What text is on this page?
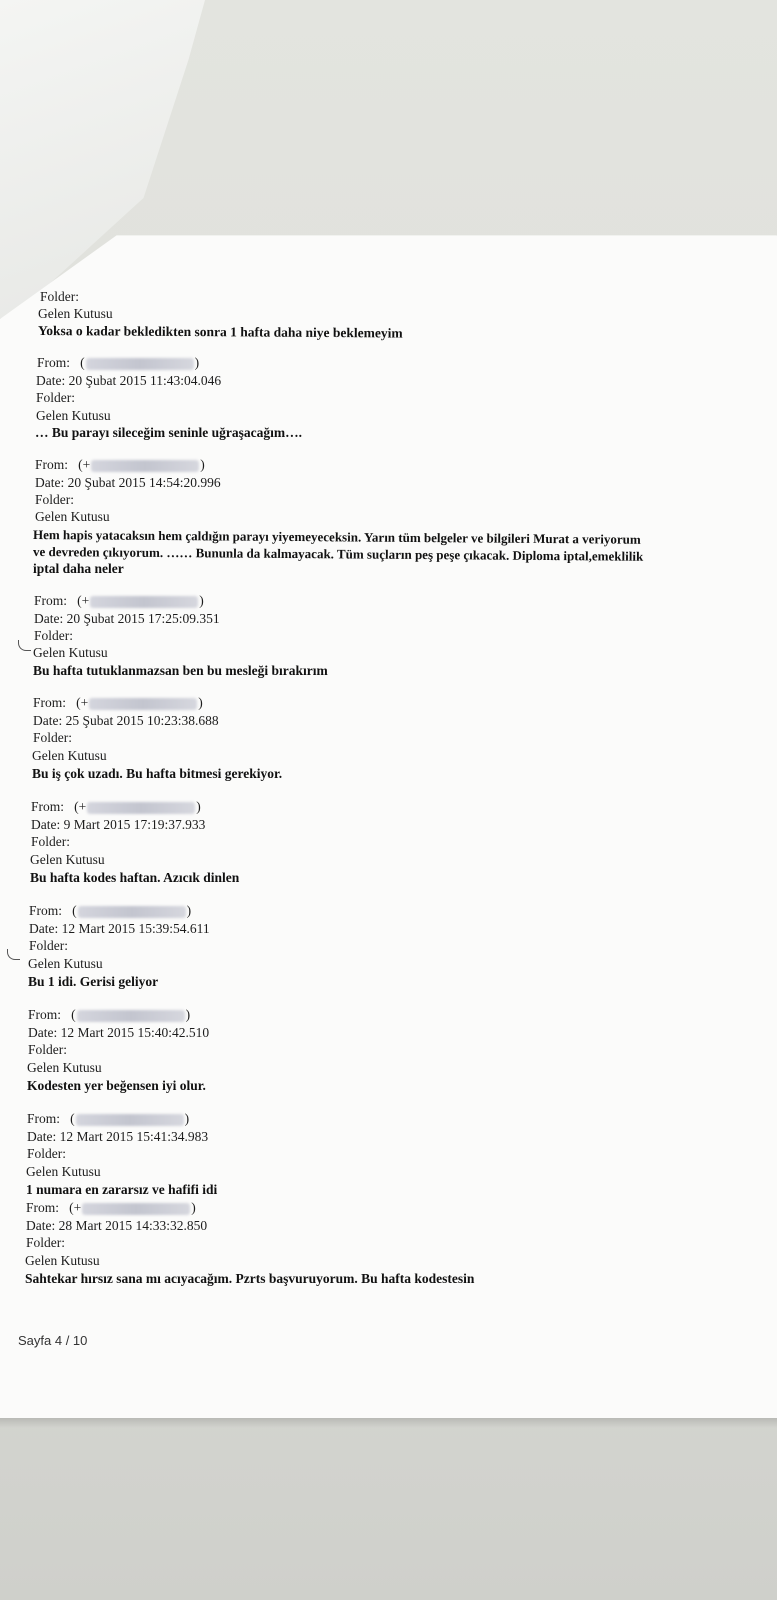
Folder:
Gelen Kutusu
Yoksa o kadar bekledikten sonra 1 hafta daha niye beklemeyim
From: (	)
Date: 20 Şubat 2015 11:43:04.046
Folder:
Gelen Kutusu
… Bu parayı sileceğim seninle uğraşacağım….
From: (+	)
Date: 20 Şubat 2015 14:54:20.996
Folder:
Gelen Kutusu
Hem hapis yatacaksın hem çaldığın parayı yiyemeyeceksin. Yarın tüm belgeler ve bilgileri Murat a veriyorum
ve devreden çıkıyorum. …… Bununla da kalmayacak. Tüm suçların peş peşe çıkacak. Diploma iptal,emeklilik
iptal daha neler
From: (+	)
Date: 20 Şubat 2015 17:25:09.351
Folder:
Gelen Kutusu
Bu hafta tutuklanmazsan ben bu mesleği bırakırım
From: (+	)
Date: 25 Şubat 2015 10:23:38.688
Folder:
Gelen Kutusu
Bu iş çok uzadı. Bu hafta bitmesi gerekiyor.
From: (+	)
Date: 9 Mart 2015 17:19:37.933
Folder:
Gelen Kutusu
Bu hafta kodes haftan. Azıcık dinlen
From: (	)
Date: 12 Mart 2015 15:39:54.611
Folder:
Gelen Kutusu
Bu 1 idi. Gerisi geliyor
From: (	)
Date: 12 Mart 2015 15:40:42.510
Folder:
Gelen Kutusu
Kodesten yer beğensen iyi olur.
From: (	)
Date: 12 Mart 2015 15:41:34.983
Folder:
Gelen Kutusu
1 numara en zararsız ve hafifi idi
From: (+	)
Date: 28 Mart 2015 14:33:32.850
Folder:
Gelen Kutusu
Sahtekar hırsız sana mı acıyacağım. Pzrts başvuruyorum. Bu hafta kodestesin
Sayfa 4 / 10
